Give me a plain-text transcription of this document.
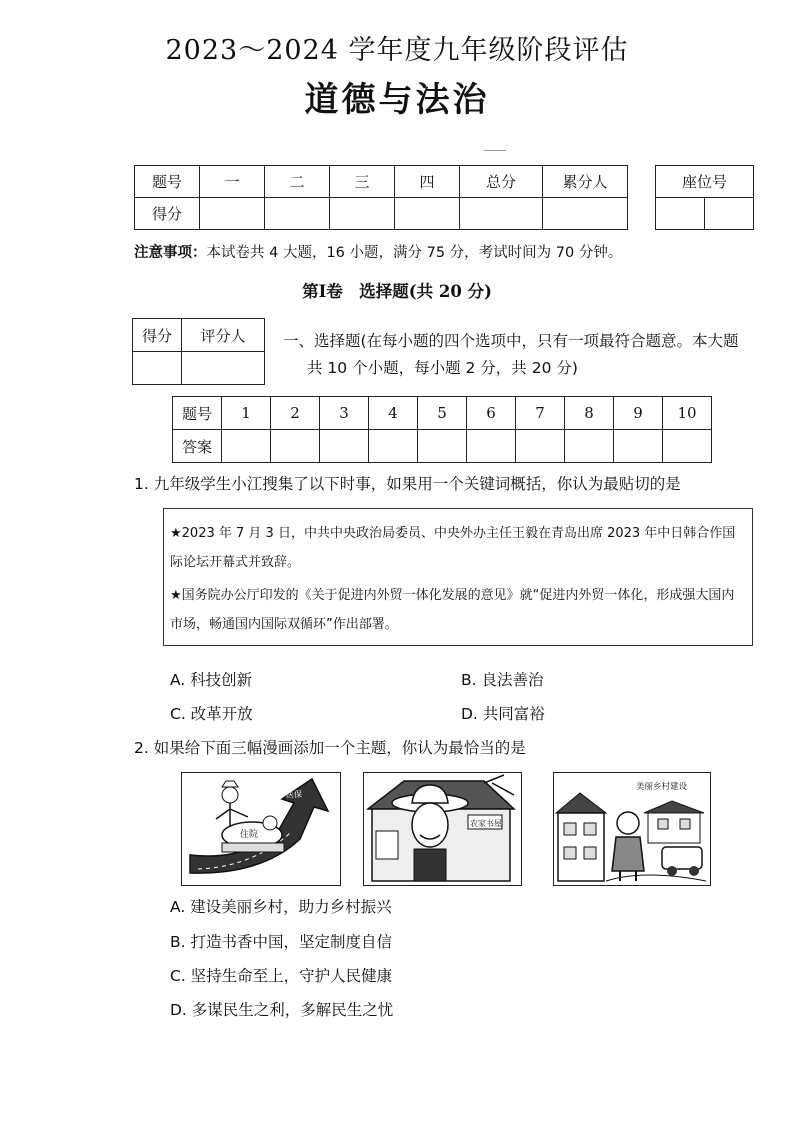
2023～2024 学年度九年级阶段评估
道德与法治
题号	一	二	三	四	总分	累分人
得分						
座位号

注意事项：本试卷共 4 大题，16 小题，满分 75 分，考试时间为 70 分钟。
第Ⅰ卷　选择题(共 20 分)
得分	评分人
	一、选择题(在每小题的四个选项中，只有一项最符合题意。本大题
共 10 个小题，每小题 2 分，共 20 分)
题号	1	2	3	4	5	6	7	8	9	10
答案										
1. 九年级学生小江搜集了以下时事，如果用一个关键词概括，你认为最贴切的是

★2023 年 7 月 3 日，中共中央政治局委员、中央外办主任王毅在青岛出席 2023 年中日韩合作国际论坛开幕式并致辞。

★国务院办公厅印发的《关于促进内外贸一体化发展的意见》就“促进内外贸一体化，形成强大国内市场，畅通国内国际双循环”作出部署。

A. 科技创新	B. 良法善治
C. 改革开放	D. 共同富裕
2. 如果给下面三幅漫画添加一个主题，你认为最恰当的是
住院
医保
农家书屋
美丽乡村建设
A. 建设美丽乡村，助力乡村振兴
B. 打造书香中国，坚定制度自信
C. 坚持生命至上，守护人民健康
D. 多谋民生之利，多解民生之忧
